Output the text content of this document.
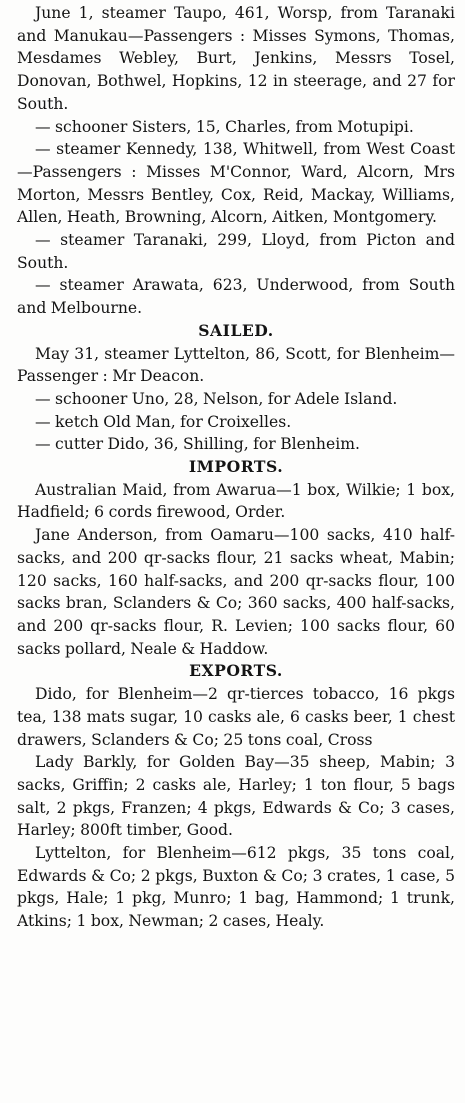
June 1, steamer Taupo, 461, Worsp, from Taranaki and Manukau—Passengers : Misses Symons, Thomas, Mesdames Webley, Burt, Jenkins, Messrs Tosel, Donovan, Bothwel, Hopkins, 12 in steerage, and 27 for South.

— schooner Sisters, 15, Charles, from Motupipi.

— steamer Kennedy, 138, Whitwell, from West Coast—Passengers : Misses M'Connor, Ward, Alcorn, Mrs Morton, Messrs Bentley, Cox, Reid, Mackay, Williams, Allen, Heath, Browning, Alcorn, Aitken, Montgomery.

— steamer Taranaki, 299, Lloyd, from Picton and South.

— steamer Arawata, 623, Underwood, from South and Melbourne.

SAILED.

May 31, steamer Lyttelton, 86, Scott, for Blenheim—Passenger : Mr Deacon.

— schooner Uno, 28, Nelson, for Adele Island.

— ketch Old Man, for Croixelles.

— cutter Dido, 36, Shilling, for Blenheim.

IMPORTS.

Australian Maid, from Awarua—1 box, Wilkie; 1 box, Hadfield; 6 cords firewood, Order.

Jane Anderson, from Oamaru—100 sacks, 410 half-sacks, and 200 qr-sacks flour, 21 sacks wheat, Mabin; 120 sacks, 160 half-sacks, and 200 qr-sacks flour, 100 sacks bran, Sclanders & Co; 360 sacks, 400 half-sacks, and 200 qr-sacks flour, R. Levien; 100 sacks flour, 60 sacks pollard, Neale & Haddow.

EXPORTS.

Dido, for Blenheim—2 qr-tierces tobacco, 16 pkgs tea, 138 mats sugar, 10 casks ale, 6 casks beer, 1 chest drawers, Sclanders & Co; 25 tons coal, Cross

Lady Barkly, for Golden Bay—35 sheep, Mabin; 3 sacks, Griffin; 2 casks ale, Harley; 1 ton flour, 5 bags salt, 2 pkgs, Franzen; 4 pkgs, Edwards & Co; 3 cases, Harley; 800ft timber, Good.

Lyttelton, for Blenheim—612 pkgs, 35 tons coal, Edwards & Co; 2 pkgs, Buxton & Co; 3 crates, 1 case, 5 pkgs, Hale; 1 pkg, Munro; 1 bag, Hammond; 1 trunk, Atkins; 1 box, Newman; 2 cases, Healy.
